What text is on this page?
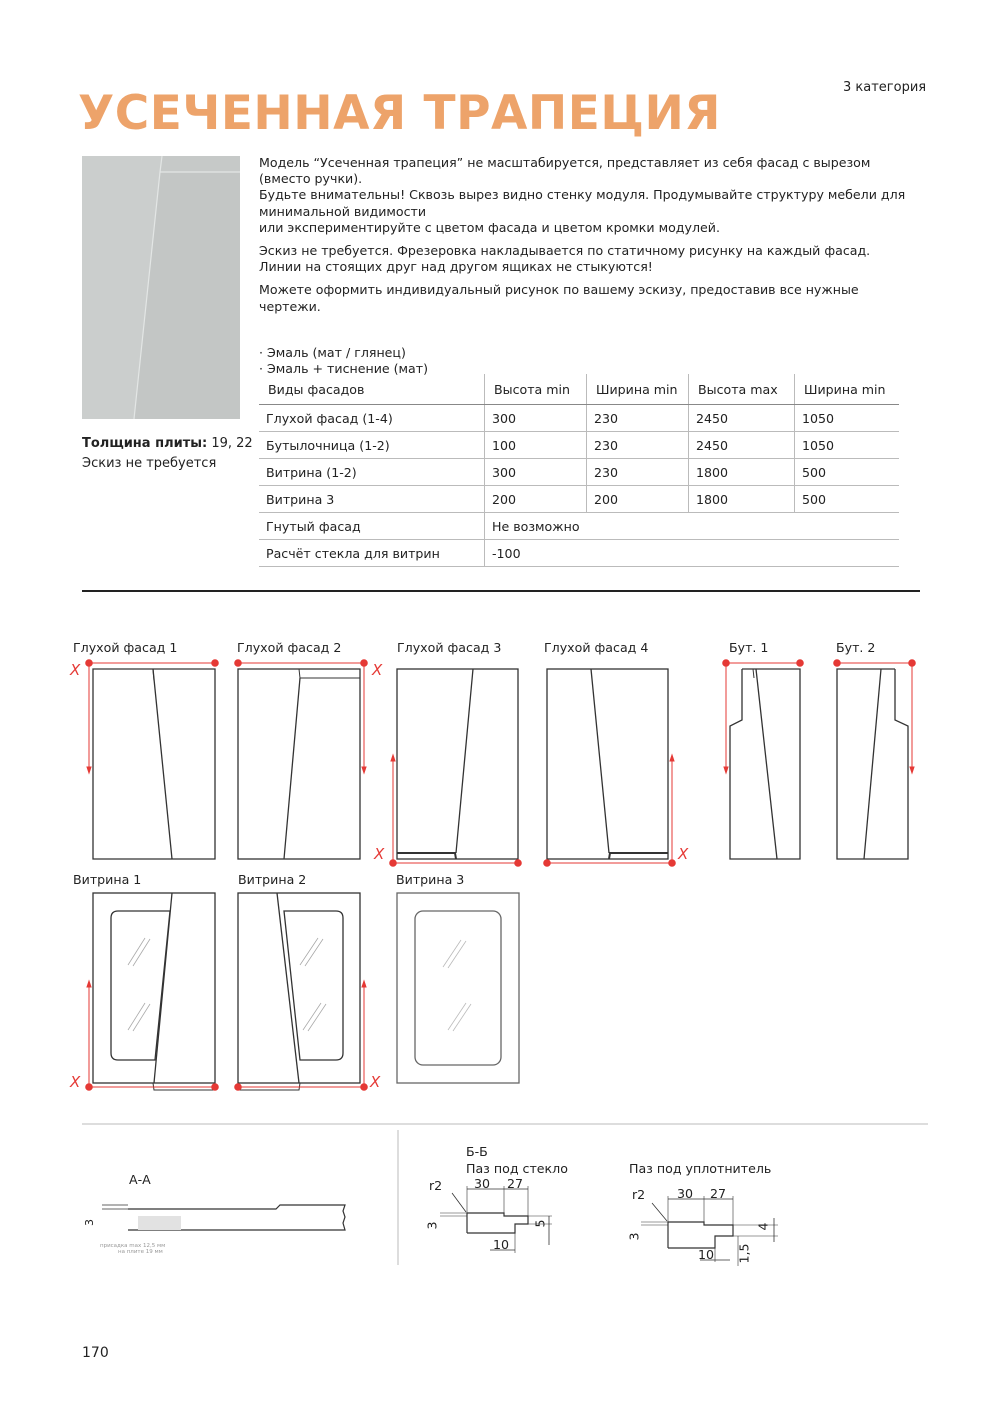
3 категория
УСЕЧЕННАЯ ТРАПЕЦИЯ
Толщина плиты: 19, 22
Эскиз не требуется

Модель “Усеченная трапеция” не масштабируется, представляет из себя фасад с вырезом (вместо ручки).

Будьте внимательны! Сквозь вырез видно стенку модуля. Продумывайте структуру мебели для минимальной видимости

или экспериментируйте с цветом фасада и цветом кромки модулей.

Эскиз не требуется. Фрезеровка накладывается по статичному рисунку на каждый фасад.

Линии на стоящих друг над другом ящиках не стыкуются!

Можете оформить индивидуальный рисунок по вашему эскизу, предоставив все нужные чертежи.

· Эмаль (мат / глянец)

· Эмаль + тиснение (мат)

Виды фасадов	Высота min	Ширина min	Высота max	Ширина min
Глухой фасад (1-4)	300	230	2450	1050
Бутылочница (1-2)	100	230	2450	1050
Витрина (1-2)	300	230	1800	500
Витрина 3	200	200	1800	500
Гнутый фасад	Не возможно			
Расчёт стекла для витрин	-100			
Глухой фасад 1	Глухой фасад 2	Глухой фасад 3	Глухой фасад 4	Бут. 1	Бут. 2
Витрина 1	Витрина 2	Витрина 3
X	X
X	X
X	X
А-А
3
присадка max 12,5 мм
на плите 19 мм
Б-Б
Паз под стекло	Паз под уплотнитель
r2	30 27
3	5
10
r2	30 27
3
4
10 1,5
170
